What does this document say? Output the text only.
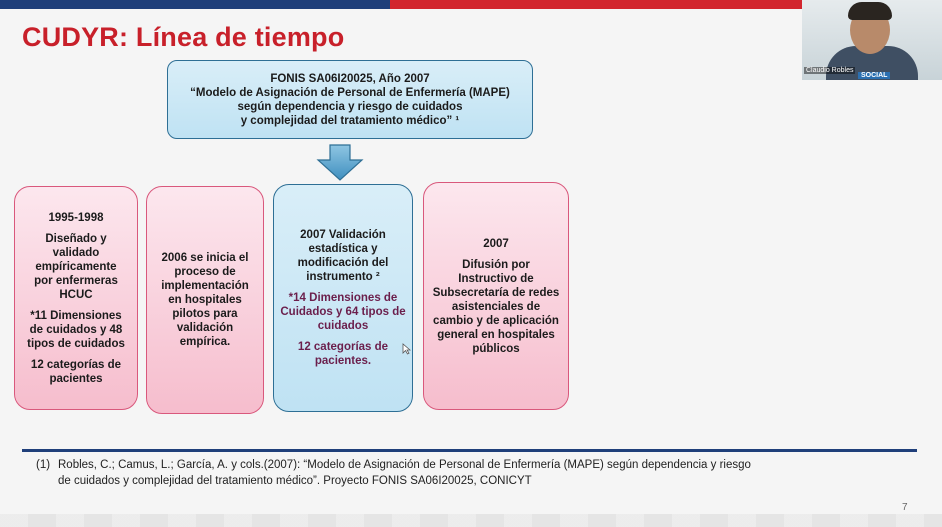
CUDYR: Línea de tiempo

FONIS SA06I20025, Año 2007

“Modelo de Asignación de Personal de Enfermería (MAPE)

según dependencia y riesgo de cuidados

y complejidad del tratamiento médico” ¹

1995-1998

Diseñado y

validado

empíricamente

por enfermeras

HCUC

*11 Dimensiones

de cuidados y 48

tipos de cuidados

12 categorías de

pacientes

2006 se inicia el

proceso de

implementación

en hospitales

pilotos para

validación

empírica.

2007 Validación

estadística y

modificación del

instrumento ²

*14 Dimensiones de

Cuidados y 64 tipos de

cuidados

12 categorías de

pacientes.

2007

Difusión por

Instructivo de

Subsecretaría de redes

asistenciales de

cambio y de aplicación

general en hospitales

públicos

(1) Robles, C.; Camus, L.; García, A. y cols.(2007): “Modelo de Asignación de Personal de Enfermería (MAPE) según dependencia y riesgo
de cuidados y complejidad del tratamiento médico”. Proyecto FONIS SA06I20025, CONICYT
7
Claudio Robles
SOCIAL
